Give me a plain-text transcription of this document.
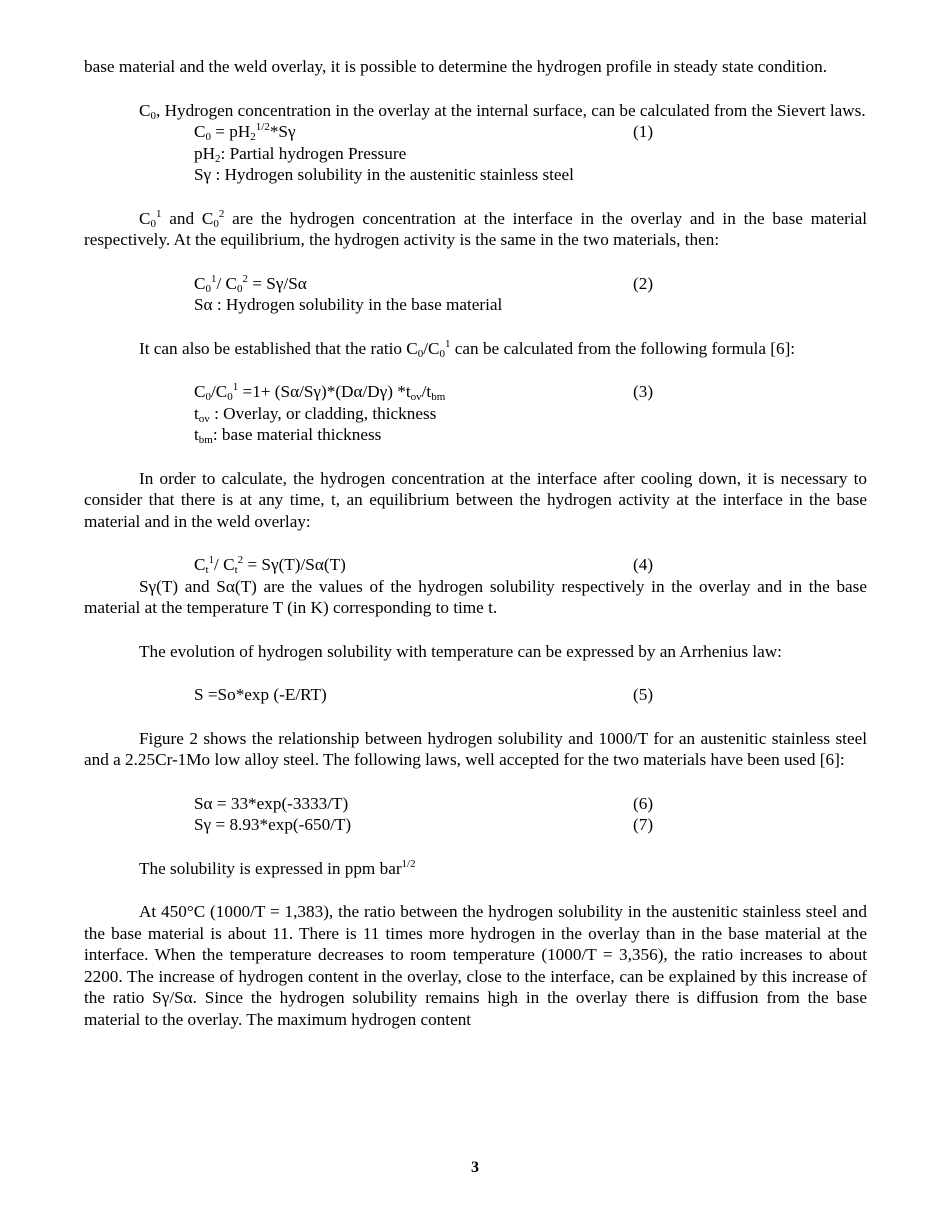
base material and the weld overlay, it is possible to determine the hydrogen profile in steady state condition.

$C_0$, Hydrogen concentration in the overlay at the internal surface, can be calculated from the Sievert laws.

$C_0 = pH_2^{1/2}*S\gamma$	(1)
$pH_2$: Partial hydrogen Pressure
Sγ : Hydrogen solubility in the austenitic stainless steel

$C_0^1$ and $C_0^2$ are the hydrogen concentration at the interface in the overlay and in the base material respectively. At the equilibrium, the hydrogen activity is the same in the two materials, then:

$C_0^1/$ $C_0^2 = S\gamma/S\alpha$	(2)
Sα : Hydrogen solubility in the base material

It can also be established that the ratio $C_0/C_0^1$ can be calculated from the following formula [6]:

$C_0/C_0^1 =1+ (S\alpha/S\gamma)*(D\alpha/D\gamma)$ $*t_{ov}/t_{bm}$	(3)
$t_{ov}$ : Overlay, or cladding, thickness
$t_{bm}$: base material thickness

In order to calculate, the hydrogen concentration at the interface after cooling down, it is necessary to consider that there is at any time, t, an equilibrium between the hydrogen activity at the interface in the base material and in the weld overlay:

$C_t^1/$ $C_t^2 = S\gamma(T)/S\alpha(T)$	(4)

Sγ(T) and Sα(T) are the values of the hydrogen solubility respectively in the overlay and in the base material at the temperature T (in K) corresponding to time t.

The evolution of hydrogen solubility with temperature can be expressed by an Arrhenius law:

S =So*exp (-E/RT)	(5)

Figure 2 shows the relationship between hydrogen solubility and 1000/T for an austenitic stainless steel and a 2.25Cr-1Mo low alloy steel. The following laws, well accepted for the two materials have been used [6]:

Sα = 33*exp(-3333/T)	(6)
Sγ = 8.93*exp(-650/T)	(7)

The solubility is expressed in ppm bar$^{1/2}$

At 450°C (1000/T = 1,383), the ratio between the hydrogen solubility in the austenitic stainless steel and the base material is about 11. There is 11 times more hydrogen in the overlay than in the base material at the interface. When the temperature decreases to room temperature (1000/T = 3,356), the ratio increases to about 2200. The increase of hydrogen content in the overlay, close to the interface, can be explained by this increase of the ratio Sγ/Sα. Since the hydrogen solubility remains high in the overlay there is diffusion from the base material to the overlay. The maximum hydrogen content

3
